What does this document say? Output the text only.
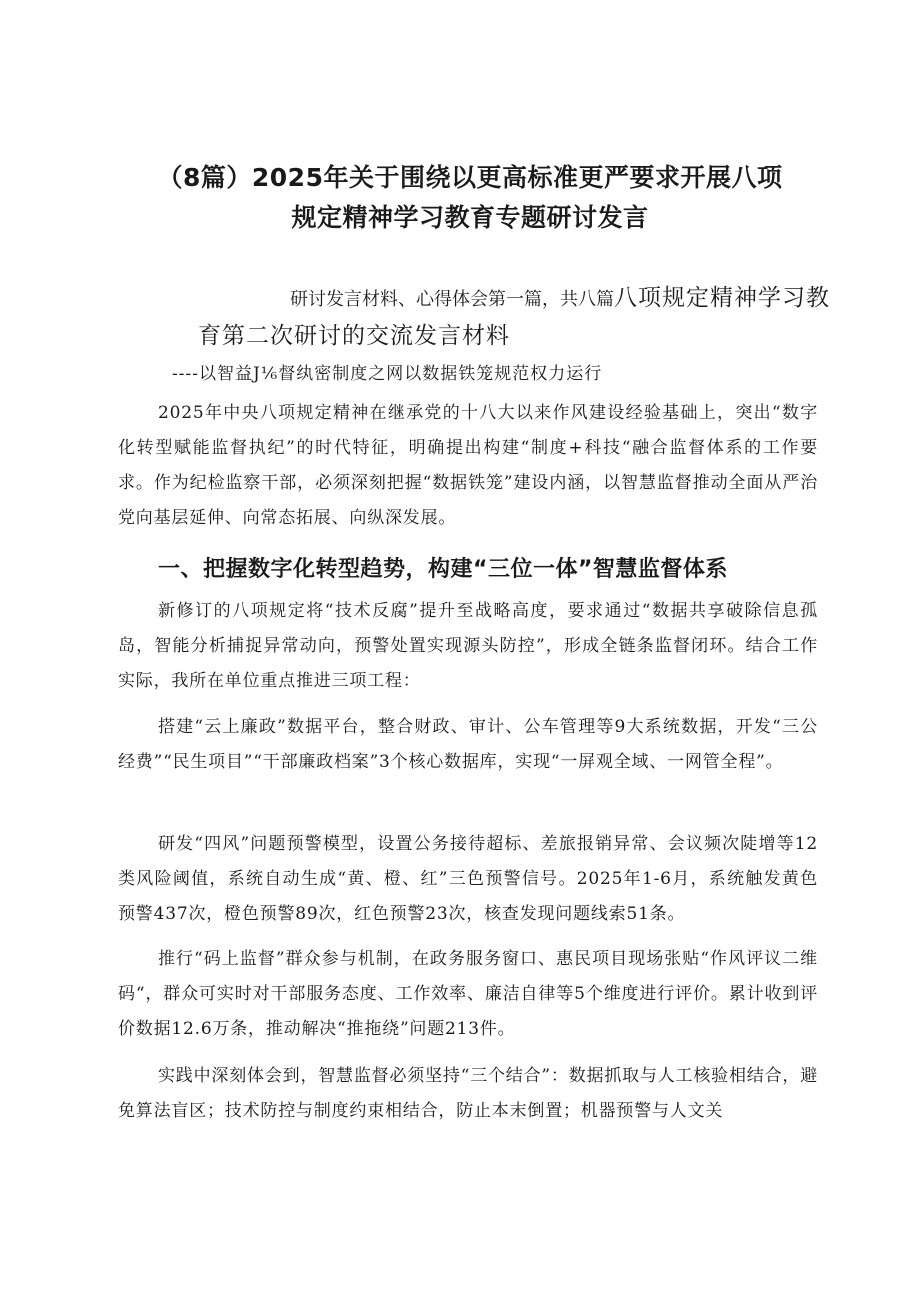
（8篇）2025年关于围绕以更高标准更严要求开展八项规定精神学习教育专题研讨发言

研讨发言材料、心得体会第一篇，共八篇八项规定精神学习教育第二次研讨的交流发言材料

----以智益J⅙督纨密制度之网以数据铁笼规范权力运行

2025年中央八项规定精神在继承党的十八大以来作风建设经验基础上，突出“数字化转型赋能监督执纪”的时代特征，明确提出构建“制度+科技“融合监督体系的工作要求。作为纪检监察干部，必须深刻把握“数据铁笼”建设内涵，以智慧监督推动全面从严治党向基层延伸、向常态拓展、向纵深发展。

一、把握数字化转型趋势，构建“三位一体”智慧监督体系

新修订的八项规定将“技术反腐”提升至战略高度，要求通过“数据共享破除信息孤岛，智能分析捕捉异常动向，预警处置实现源头防控”，形成全链条监督闭环。结合工作实际，我所在单位重点推进三项工程：

搭建“云上廉政”数据平台，整合财政、审计、公车管理等9大系统数据，开发“三公经费”“民生项目”“干部廉政档案”3个核心数据库，实现“一屏观全域、一网管全程”。

研发“四风”问题预警模型，设置公务接待超标、差旅报销异常、会议频次陡增等12类风险阈值，系统自动生成“黄、橙、红”三色预警信号。2025年1-6月，系统触发黄色预警437次，橙色预警89次，红色预警23次，核查发现问题线索51条。

推行“码上监督”群众参与机制，在政务服务窗口、惠民项目现场张贴“作风评议二维码“，群众可实时对干部服务态度、工作效率、廉洁自律等5个维度进行评价。累计收到评价数据12.6万条，推动解决“推拖绕”问题213件。

实践中深刻体会到，智慧监督必须坚持“三个结合”：数据抓取与人工核验相结合，避免算法盲区；技术防控与制度约束相结合，防止本末倒置；机器预警与人文关
